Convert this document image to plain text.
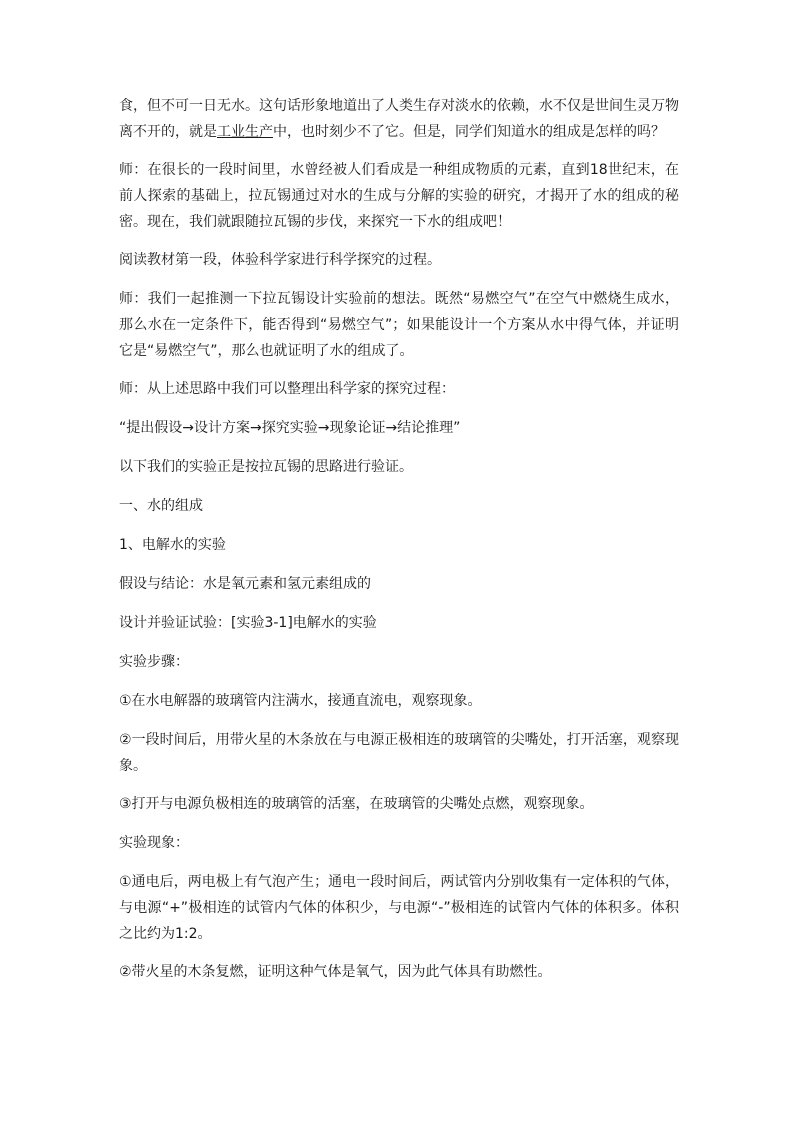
食，但不可一日无水。这句话形象地道出了人类生存对淡水的依赖，水不仅是世间生灵万物离不开的，就是工业生产中，也时刻少不了它。但是，同学们知道水的组成是怎样的吗？

师：在很长的一段时间里，水曾经被人们看成是一种组成物质的元素，直到18世纪末，在前人探索的基础上，拉瓦锡通过对水的生成与分解的实验的研究，才揭开了水的组成的秘密。现在，我们就跟随拉瓦锡的步伐，来探究一下水的组成吧！

阅读教材第一段，体验科学家进行科学探究的过程。

师：我们一起推测一下拉瓦锡设计实验前的想法。既然“易燃空气”在空气中燃烧生成水，那么水在一定条件下，能否得到“易燃空气”；如果能设计一个方案从水中得气体，并证明它是“易燃空气”，那么也就证明了水的组成了。

师：从上述思路中我们可以整理出科学家的探究过程：

“提出假设→设计方案→探究实验→现象论证→结论推理”

以下我们的实验正是按拉瓦锡的思路进行验证。

一、水的组成

1、电解水的实验

假设与结论：水是氧元素和氢元素组成的

设计并验证试验：[实验3-1]电解水的实验

实验步骤：

①在水电解器的玻璃管内注满水，接通直流电，观察现象。

②一段时间后，用带火星的木条放在与电源正极相连的玻璃管的尖嘴处，打开活塞，观察现象。

③打开与电源负极相连的玻璃管的活塞，在玻璃管的尖嘴处点燃，观察现象。

实验现象：

①通电后，两电极上有气泡产生；通电一段时间后，两试管内分别收集有一定体积的气体，与电源“+”极相连的试管内气体的体积少，与电源“-”极相连的试管内气体的体积多。体积之比约为1:2。

②带火星的木条复燃，证明这种气体是氧气，因为此气体具有助燃性。
